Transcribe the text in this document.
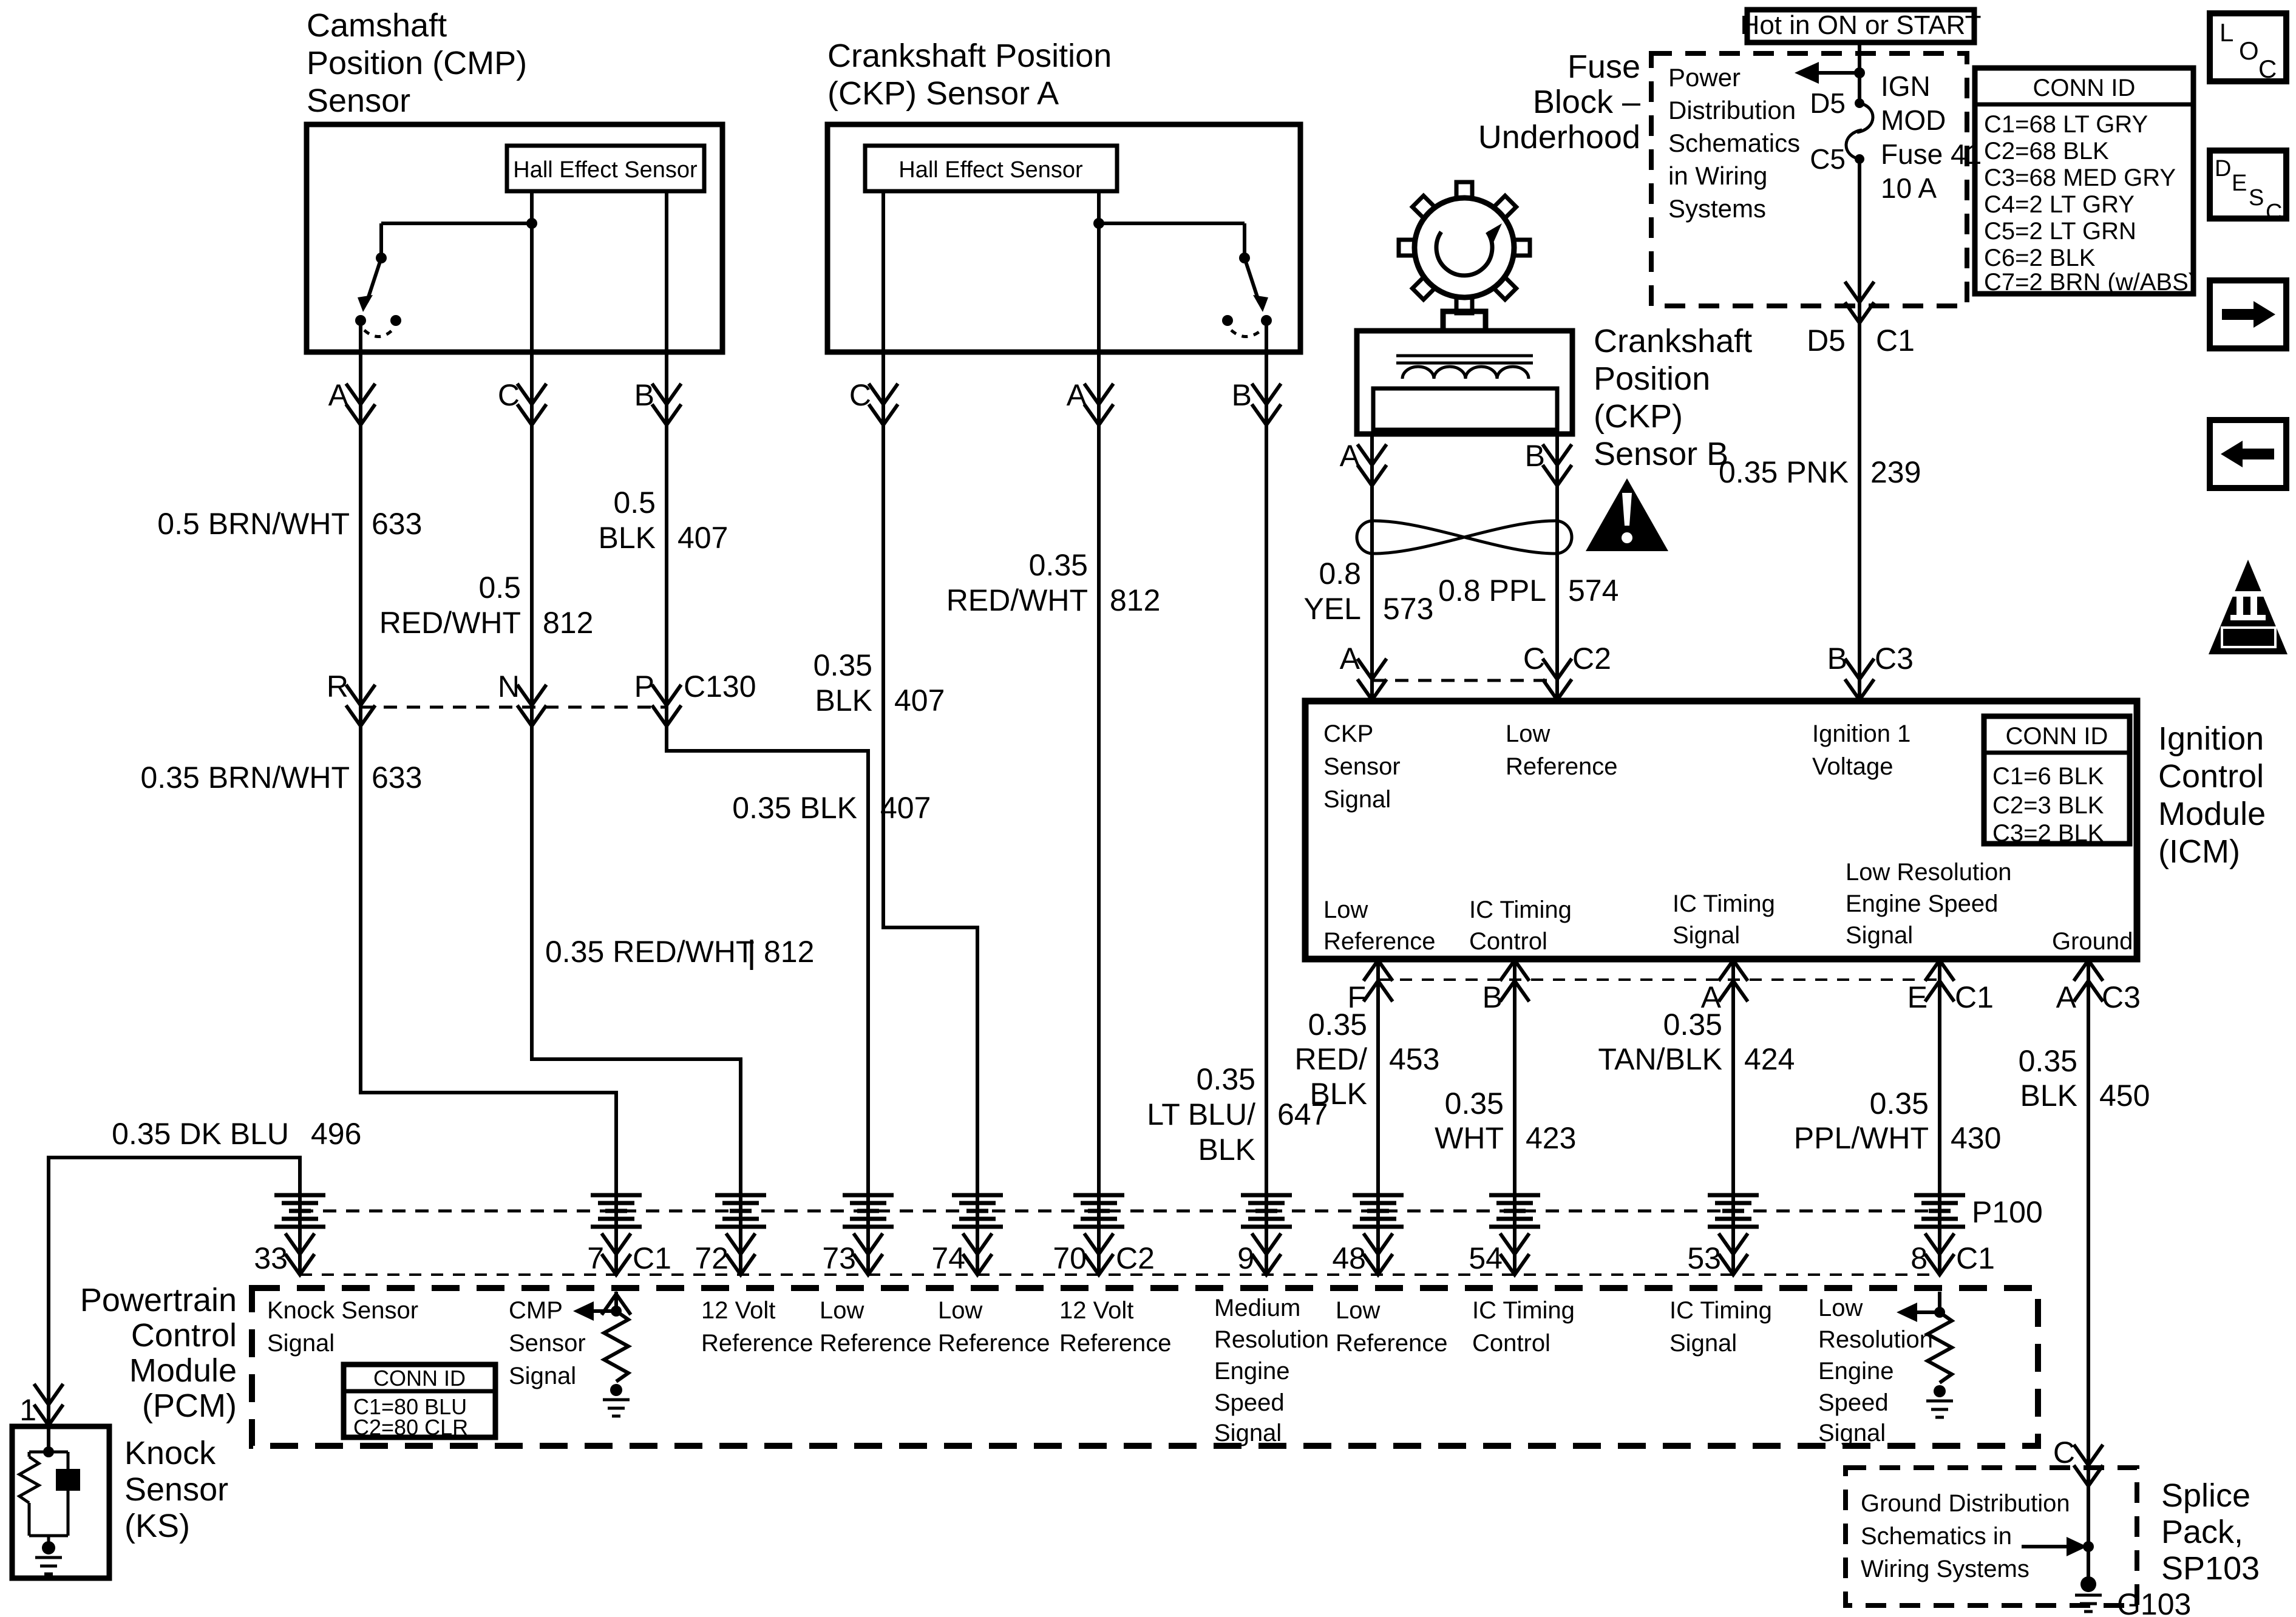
Camshaft
Position (CMP)
Sensor
Hall Effect Sensor
Crankshaft Position
(CKP) Sensor A
Hall Effect Sensor
Crankshaft
Position
(CKP)
Sensor B
Hot in ON or START
Fuse
Block –
Underhood
Power
Distribution
Schematics
in Wiring
Systems
D5
C5
IGN
MOD
Fuse 41
10 A
CONN ID
C1=68 LT GRY
C2=68 BLK
C3=68 MED GRY
C4=2 LT GRY
C5=2 LT GRN
C6=2 BLK
C7=2 BRN (w/ABS)
L
O
C
D
E
S
C
OBD II
P100
R	N	P C130
A	C	B	C	A	B
A	B
A	C C2	B C3
D5 C1
0.5 BRN/WHT 633
0.5
RED/WHT 812
0.5
BLK 407
0.35 BRN/WHT 633
0.35 RED/WHT 812
0.35 BLK 407
0.35
BLK 407
0.35
RED/WHT 812
0.35
LT BLU/
BLK
647
0.8
YEL 573
0.8 PPL 574
0.35 PNK 239
0.35 DK BLU 496
0.35
RED/
BLK
453
0.35
WHT 423
0.35
TAN/BLK 424
0.35
PPL/WHT 430
0.35
BLK 450
Ignition
Control
Module
(ICM)
CKP
Sensor
Signal
Low
Reference
Ignition 1
Voltage
CONN ID
C1=6 BLK
C2=3 BLK
C3=2 BLK
Low
Reference
IC Timing
Control
IC Timing
Signal
Low Resolution
Engine Speed
Signal	Ground
F	B	A	E C1 A C3
Powertrain
Control
Module
(PCM)
33	7 C1 72	73 74	70 C2	9	48	54	53	8 C1
Knock Sensor
Signal
CONN ID
C1=80 BLU
C2=80 CLR
CMP
Sensor
Signal
12 Volt
Reference
Low
Reference
Low
Reference
12 Volt
Reference
Medium
Resolution
Engine
Speed
Signal
Low
Reference
IC Timing
Control
IC Timing
Signal
Low
Resolution
Engine
Speed
Signal
1
Knock
Sensor
(KS)
C
Ground Distribution
Schematics in
Wiring Systems
Splice
Pack,
SP103
G103
